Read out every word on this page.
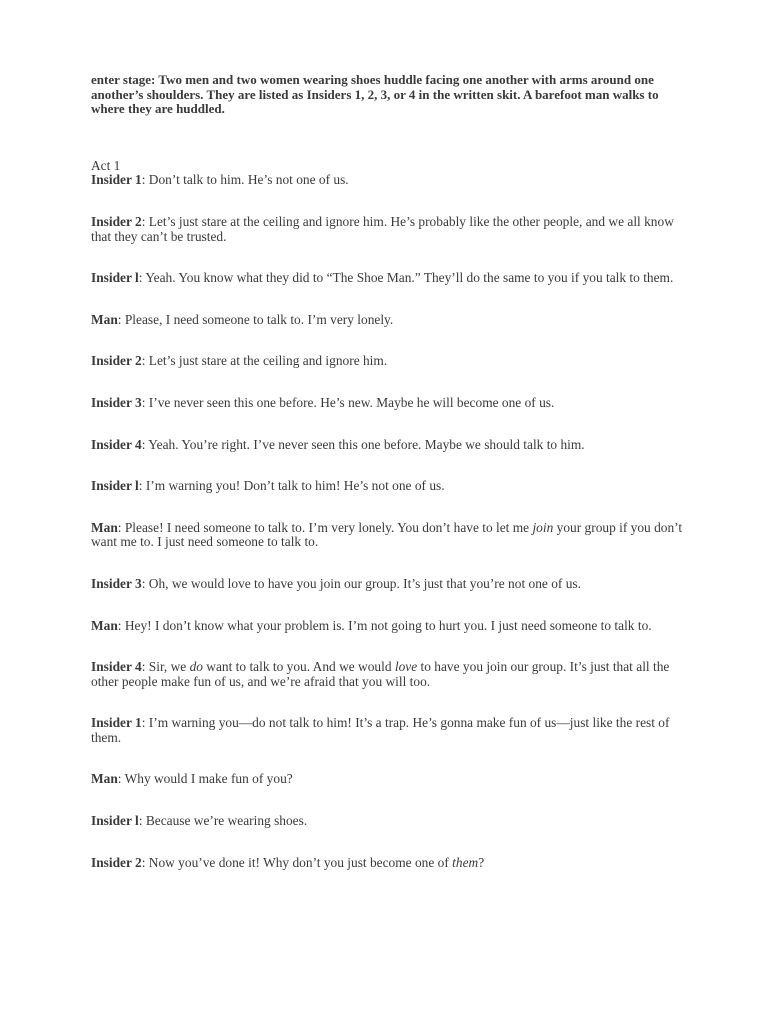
enter stage: Two men and two women wearing shoes huddle facing one another with arms around one another’s shoulders. They are listed as Insiders 1, 2, 3, or 4 in the written skit. A barefoot man walks to where they are huddled.

Act 1

Insider 1: Don’t talk to him. He’s not one of us.

Insider 2: Let’s just stare at the ceiling and ignore him. He’s probably like the other people, and we all know that they can’t be trusted.

Insider l: Yeah. You know what they did to “The Shoe Man.” They’ll do the same to you if you talk to them.

Man: Please, I need someone to talk to. I’m very lonely.

Insider 2: Let’s just stare at the ceiling and ignore him.

Insider 3: I’ve never seen this one before. He’s new. Maybe he will become one of us.

Insider 4: Yeah. You’re right. I’ve never seen this one before. Maybe we should talk to him.

Insider l: I’m warning you! Don’t talk to him! He’s not one of us.

Man: Please! I need someone to talk to. I’m very lonely. You don’t have to let me join your group if you don’t want me to. I just need someone to talk to.

Insider 3: Oh, we would love to have you join our group. It’s just that you’re not one of us.

Man: Hey! I don’t know what your problem is. I’m not going to hurt you. I just need someone to talk to.

Insider 4: Sir, we do want to talk to you. And we would love to have you join our group. It’s just that all the other people make fun of us, and we’re afraid that you will too.

Insider 1: I’m warning you—do not talk to him! It’s a trap. He’s gonna make fun of us—just like the rest of them.

Man: Why would I make fun of you?

Insider l: Because we’re wearing shoes.

Insider 2: Now you’ve done it! Why don’t you just become one of them?
